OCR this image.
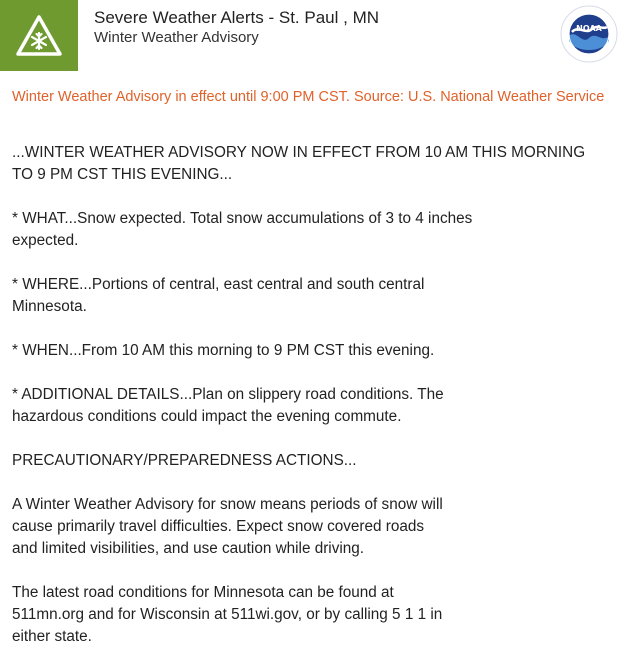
Severe Weather Alerts - St. Paul , MN
Winter Weather Advisory
NOAA
Winter Weather Advisory in effect until 9:00 PM CST. Source: U.S. National Weather Service

...WINTER WEATHER ADVISORY NOW IN EFFECT FROM 10 AM THIS MORNING
TO 9 PM CST THIS EVENING...

* WHAT...Snow expected. Total snow accumulations of 3 to 4 inches
expected.

* WHERE...Portions of central, east central and south central
Minnesota.

* WHEN...From 10 AM this morning to 9 PM CST this evening.

* ADDITIONAL DETAILS...Plan on slippery road conditions. The
hazardous conditions could impact the evening commute.

PRECAUTIONARY/PREPAREDNESS ACTIONS...

A Winter Weather Advisory for snow means periods of snow will
cause primarily travel difficulties. Expect snow covered roads
and limited visibilities, and use caution while driving.

The latest road conditions for Minnesota can be found at
511mn.org and for Wisconsin at 511wi.gov, or by calling 5 1 1 in
either state.
